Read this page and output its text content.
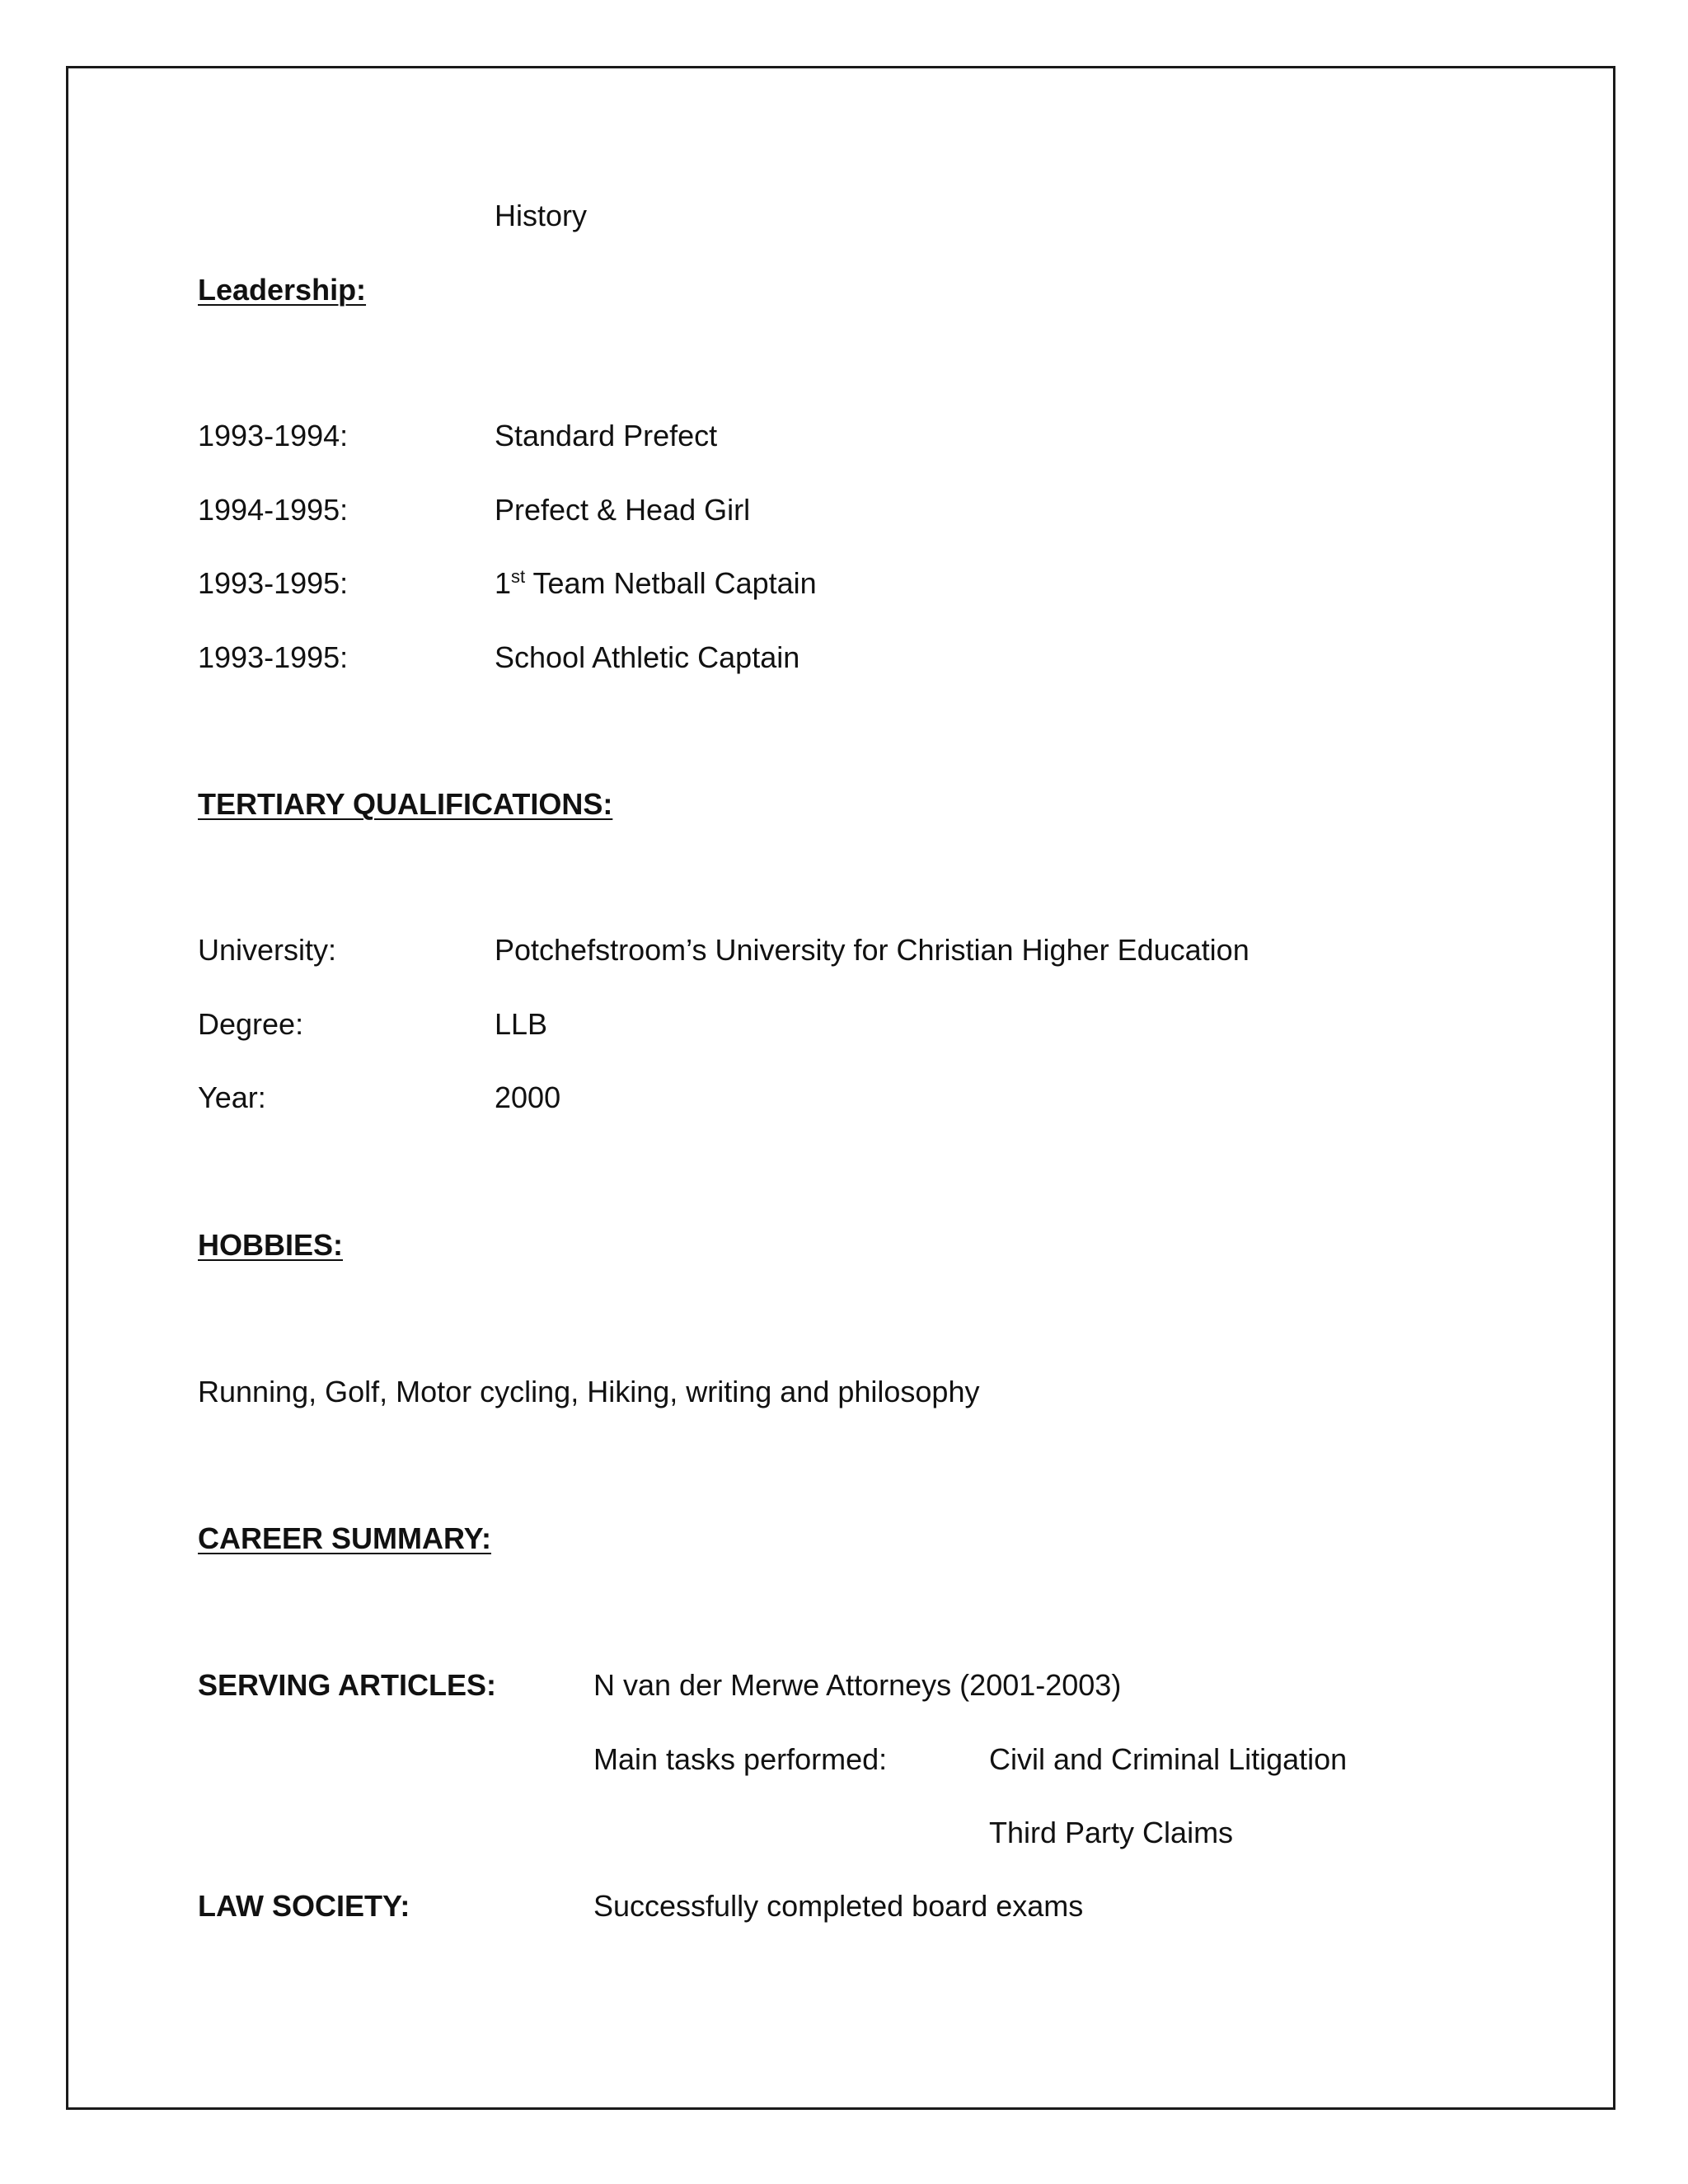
History
Leadership:
1993-1994:	Standard Prefect
1994-1995:	Prefect & Head Girl
1993-1995:	1st Team Netball Captain
1993-1995:	School Athletic Captain
TERTIARY QUALIFICATIONS:
University:	Potchefstroom’s University for Christian Higher Education
Degree:	LLB
Year:	2000
HOBBIES:
Running, Golf, Motor cycling, Hiking, writing and philosophy
CAREER SUMMARY:
SERVING ARTICLES:	N van der Merwe Attorneys (2001-2003)
Main tasks performed:	Civil and Criminal Litigation
Third Party Claims
LAW SOCIETY:	Successfully completed board exams
